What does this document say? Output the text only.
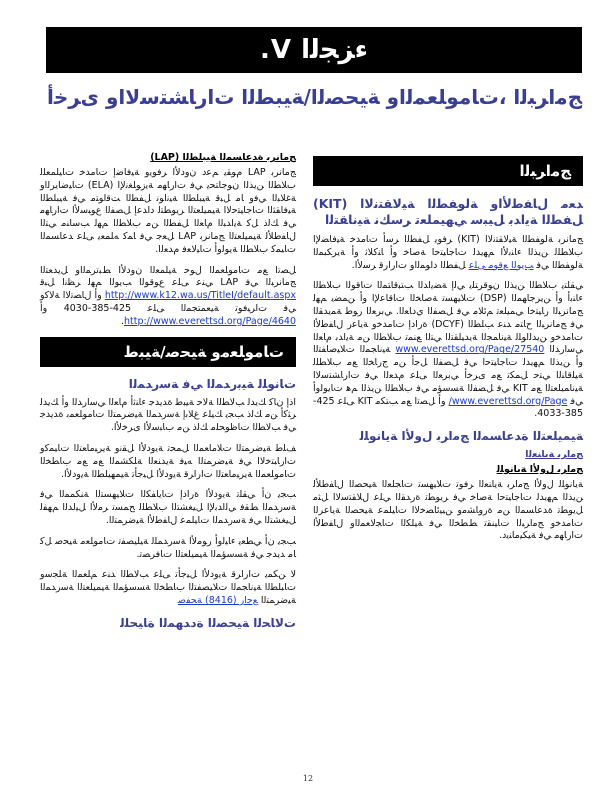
ﺀﺰﺠﻟﺍ V.
ﺞﻣﺍﺮﺒﻟﺍ ،ﺕﺎﻣﻮﻠﻌﻤﻟﺍﻭ ﺔﻴﺤﺼﻟﺍ/ﺔﻴﺒﻄﻟﺍ ﺕﺍﺭﺎﺸﺘﺳﻻﺍﻭ ﻯﺮﺧﺃ
ﺞﻣﺍﺮﺒﻟﺍ
ﺪﻌﻣ ﻝﺎﻔﻃﻷﺍﻭ ﺔﻟﻮﻔﻄﻟﺍ ﺔﻴﻟﺎﻘﺘﻧﻻﺍ (KIT) ﻞﻔﻄﻟﺍ ﺔﻳﺍﺪﺑ ﻞﻴﺒﺳ ﻲﻬﻴﻤﻠﻌﺗ ﺮﺳﻚﻧ ﺔﻴﻧﺎﻘﺘﻟﺍ
ﺞﻣﺎﻧﺮﺑ ﺔﻟﻮﻔﻄﻟﺍ ﺔﻴﻟﺎﻘﺘﻧﻻﺍ (KIT) ﺮﻓﻮﻳ ﻞﻔﻄﻟﺍ ﺮﺳﺃ ﺕﺎﻣﺪﺧ ﺔﻴﻓﺎﻀﻹﺍ ﺏﻼﻄﻠﻟ ﻦﻳﺬﻟﺍ ﺀﺎﻨﺑﻷﺍ ﻢﻬﻳﺪﻟ ﺕﺎﺟﺎﻴﺘﺣﺍ ﺔﺻﺎﺧ ﻭﺃ ﺎﻨﻛﻼﺛ ﻭﺃ ﺔﻳﺮﻜﺒﻤﻟﺍ ﺔﻟﻮﻔﻄﻟﺍ ﻲﻓ ﺐﻳﻮﻟﺍ ﻊﻗﻮﻣ ﻰﻠﻋ ﻞﻔﻄﻟﺍ ﺩﺍﻮﻤﻟﺍﻭ ﺕﺍﺭﺍﺭﻗ ﺮﺳﻷﺍ.
ﻲﻘﻠﺘﻳ ﺏﻼﻄﻟﺍ ﻦﻳﺬﻟﺍ ﻥﻮﻗﺮﺘﻠﻳ ﻲﻟﺇ ﺔﻀﻳﺍﺪﻟﺍ ﺐﺘﺒﻗﺎﺘﻤﻟﺍ ﺕﺎﻗﻮﻟﺍ ﺏﻼﻄﻟﺍ ﺀﺎﻨﺑﺃ ﻭﺃ ﻦﻳﺮﺟﺎﻬﻤﻟﺍ (DSP) ﺕﻼﻴﻬﺴﺗ ﺔﺻﺎﺨﻟﺍ ﺕﺎﻗﺎﻋﻹﺍ ﻭﺃ ﻦﻤﻀﻳ ﻢﻬﻟ ﺞﻣﺎﻧﺮﺒﻟﺍ ﺭﺎﻴﺘﺧﺍ ﻲﻤﻴﻠﻌﺗ ﻢﺋﻼﻣ ﻲﻓ ﻞﺼﻔﻟﺍ ﻱﺩﺎﻌﻟﺍ. ﻲﺑﺮﻌﻟﺍ ﺭﻮﻃ ﺔﻤﻳﺪﻘﻟﺍ ﻲﻓ ﺞﻣﺎﻧﺮﺒﻟﺍ ﺡﺎﺘﻣ ﺪﻨﻋ ﺐﻠﻄﻟﺍ (DCYF) ﺓﺭﺍﺩﺇ ﺕﺎﻣﺪﺧﻭ ﺔﻳﺎﻋﺭ ﻝﺎﻔﻃﻷﺍ ﺕﺎﻣﺪﺧﻭ ﻦﻳﺪﻟﺍﻮﻠﻟ ﺔﻴﻧﺎﻤﺠﻟﺍ ﺔﻳﺪﻴﻠﻘﺘﻟﺍ ﻲﺘﻟﺍ ﻊﻨﻤﺗ ﺏﻼﻄﻟﺍ ﻦﻣ ﺔﻳﺍﺪﺑ ﻡﺎﻌﻟﺍ ﻲﺳﺍﺭﺪﻟﺍ www.everettsd.org/Page/27540 ﺔﻴﻧﺎﺠﻤﻟﺍ ﺕﻼﻴﺻﺎﻔﺘﻟﺍ ﻭﺃ ﻦﻳﺬﻟﺍ ﻢﻬﻳﺪﻟ ﺕﺎﺟﺎﻴﺘﺣﺍ ﻲﻓ ﻞﺼﻔﻟﺍ ﻞﺟﺃ ﻦﻣ ﺝﺭﺎﺨﻟﺍ ﻊﻣ ﺏﻼﻄﻠﻟ ﺔﻴﻠﻗﺎﻨﻟﺍ ﻲﺘﺣ ﻞﻤﻜﺗ ﻊﻣ ﻯﺮﺧﺃ ﻲﺑﺮﻌﻟﺍ ﻰﻠﻋ ﻡﺪﻌﻟﺍ ﻲﻓ ﺕﺍﺭﺎﺸﺘﺳﻻﺍ ﺔﻴﻧﺎﻤﻴﻠﻌﺘﻟﺍ ﻊﻣ KIT ﻲﻓ ﻞﺼﻔﻟﺍ ﺔﺴﺳﺆﻣ ﻲﻓ ﺏﻼﻄﻟﺍ ﻦﻳﺬﻟﺍ ﻢﻫ ﺕﺎﻳﻮﻟﻭﺃ ﻲﻓ www.everettsd.org/Page/ ﻭﺃ ﻞﺼﺗﺍ ﻊﻣ ﺐﺘﻜﻣ KIT ﻰﻠﻋ 425-385-4033.
ﺔﻴﻤﻴﻠﻌﺘﻟﺍ ﺓﺪﻋﺎﺴﻤﻟﺍ ﺞﻣﺍﺮﺑ ﻝﻭﻷﺍ ﺔﻳﺎﻧﻮﻠﻟ
ﺞﻣﺍﺮﺑ ﺔﻳﺎﻨﻌﻟﺍ
ﺞﻣﺍﺮﺑ ﻝﻭﻷﺍ ﺔﻳﺎﻧﻮﻠﻟ
ﺔﻳﺎﻧﻮﻠﻟ ﻝﻭﻷﺍ ﺞﻣﺍﺮﺑ ﺔﻳﺎﻨﻌﻟﺍ ﺮﻓﻮﺗ ﺕﻼﻴﻬﺴﺗ ﺕﺎﺠﻠﻌﻟﺍ ﺔﻴﺤﺼﻟﺍ ﻝﺎﻔﻃﻸﻟ ﻦﻳﺬﻟﺍ ﻢﻬﻳﺪﻟ ﺕﺎﺟﺎﻴﺘﺣﺍ ﺔﺻﺎﺧ ﻲﻓ ﺮﻳﻮﻄﺗ ﺓﺭﺪﻘﻟﺍ ﻲﻠﻋ ﻝﻼﻘﺘﺳﻻﺍ ﻞﺜﻣ ﻞﻳﻮﻄﺗ ﺓﺪﻋﺎﺴﻤﻟﺍ ﻦﻣ ﺓﺭﻭﺎﺸﻣﻭ ﻦﻴﻴﺋﺎﺼﺧﻻﺍ ﺕﺎﻴﻠﻤﻋ ﺔﻴﺤﺼﻟﺍ ﺔﻳﺎﻋﺮﻟﺍ ﺕﺎﻣﺪﺧﻭ ﺞﻣﺍﺮﺒﻟﺍ ﺕﺎﻴﻨﻘﺗ ﻂﻄﺨﻟﺍ ﻲﻓ ﺔﻴﻠﻜﻟﺍ ﺕﺎﺠﻟﺎﻌﻤﻟﺍﻭ ﻝﺎﻔﻃﻷﺍ ﺕﺍﺭﺎﻬﻣ ﻲﻓ ﺔﻴﻜﻴﻣﺎﻨﻳﺩ.
ﺞﻣﺎﻧﺮﺑ ﺓﺪﻋﺎﺴﻤﻟﺍ ﺔﻴﺒﻠﻄﻟﺍ (LAP)
ﺞﻣﺎﻧﺮﺑ LAP ﻡﻮﻘﻳ ﻢﻋﺩ ﻥﻭﺩﻷﺍ ﺮﻓﻮﻳﻭ ﺔﻴﻓﺎﺿﺇ ﺕﺎﻣﺪﺧ ﺕﺎﻴﻠﻤﻌﻠﻟ ﺏﻼﻄﻟﺍ ﻦﻳﺬﻟﺍ ﻥﻮﺟﺎﺘﺤﻳ ﻲﻓ ﺕﺍﺭﺎﻬﻣ ﺔﻳﺯﻮﻠﻐﻧﻹﺍ (ELA) ﺕﺎﻴﺿﺎﻳﺮﻟﺍﻭ ﺔﻏﻼﺒﻟﺍ ﻲﻓﻭ ﺎﻣ ﻞﺒﻗ ﺔﻴﺒﻠﻄﻟﺍ ﺔﻴﻧﺍﻮﻧ ﻞﻔﻄﻟﺍ ﺖﻗﺍﻮﺘﻣ ﻲﻓ ﺔﻴﺒﻠﻄﻟﺍ ﺔﻴﻓﺎﻘﺜﻟﺍ ﺕﺎﺟﺎﻴﺘﺣﻻﺍ ﺔﻴﻤﻴﻠﻌﺘﻟﺍ ﺮﻳﻮﻄﺘﻟ ﺩﺍﺪﻋﺇ ﻞﺼﻔﻟﺍ ﻉﻮﺒﺳﻷﺍ ﺕﺍﺭﺎﻬﻣ ﻲﻓ ﻚﻟﺫ ﻞﻛ ﺔﻳﺍﺪﺒﻟﺍ ﻡﺎﻌﻟﺍ ﻞﻔﻄﻟﺍ ﻦﻣ ﺏﻼﻄﻟﺍ ﻢﻬﻟ ﺐﺳﺎﻨﻣ ﻲﺘﻟﺍ ﻝﺎﻔﻃﻸﻟ ﺔﻴﻤﻴﻠﻌﺘﻟﺍ ﺞﻣﺎﻧﺮﺑ LAP ﻞﻌﺟ ﻲﻓ ﺎﻤﻛ ﻪﻠﻤﻌﻳ ﻰﻠﻋ ﺪﻋﺎﺴﻤﻟﺍ ﺕﺎﻴﻤﻛ ﺏﻼﻄﻟﺍ ﺔﻳﻮﻟﻭﺃ ﺕﺎﻴﻟﺎﻌﻓ ﻡﺪﻌﻟﺍ.
ﻞﺼﺗﺍ ﻊﻣ ﺕﺎﻣﻮﻠﻌﻤﻟﺍ ﻝﻮﺣ ﺔﻴﻠﻤﻌﻟﺍ ﻥﻭﺩﻷﺍ ﻂﺒﺗﺮﻤﻟﺍﻭ ﻞﻳﺪﻌﺘﻟﺍ ﺞﻣﺎﻧﺮﺒﻟﺍ ﻲﻓ LAP ﻲﻨﻋ ﻰﻠﻋ ﻉﻮﻗﻮﻟﺍ ﺐﻳﻮﻟﺍ ﻢﻬﻟ ﺮﻈﻧﺍ ﻞﺒﻗ http://www.k12.wa.us/TitleI/default.aspx ﻭﺃ ﻝﺎﺼﺗﻻﺍ ﺔﻟﺎﻛﻭ ﻲﻓ ﺕﺍﺮﻴﻓﻮﺗ ﺔﻴﻌﻤﺘﺠﻤﻟﺍ ﻰﻠﻋ 425-385-4030 ﻭﺃ http://www.everettsd.org/Page/4640.
ﺕﺎﻣﻮﻠﻌﻣﻭ ﺔﻴﺤﺻ/ﺔﻴﺒﻃ
ﺕﺎﻧﻮﻠﻟ ﺔﻴﺑﺭﺪﻤﻟﺍ ﻲﻓ ﺔﺳﺭﺪﻤﻟﺍ
ﺍﺫﺇ ﻥﺎﻛ ﻚﻳﺪﻟ ﺐﻟﺎﻄﻟﺍ ﺔﻟﺎﺣ ﺔﻴﺒﻃ ﺓﺪﻳﺪﺟ ﺀﺎﻨﺛﺃ ﻡﺎﻌﻟﺍ ﻲﺳﺍﺭﺪﻟﺍ ﻭﺃ ﻚﻳﺪﻟ ﺮﺜﻛﺃ ﻦﻣ ﻚﻟﺫ ﺐﺠﻳ ﻚﻴﻠﻋ ﻍﻼﺑﺇ ﺔﺳﺭﺪﻤﻟﺍ ﺔﻴﺿﺮﻤﺘﻟﺍ ﺕﺎﻣﻮﻠﻌﻤﺑ ﺓﺪﻳﺪﺟ ﻲﻓ ﺐﻟﺎﻄﻟﺍ ﺕﺎﻇﻮﺤﻠﻣ ﻚﻟﺫ ﻦﻣ ﺏﺎﺒﺳﻷﺍ ﻯﺮﺧﻷﺍ.
ﻒﻠﻃ ﺔﻴﺿﺮﻤﺘﻟﺍ ﺕﻼﻣﺎﻌﻤﻟﺍ ﻞﻤﺤﺗ ﺔﻳﻭﺩﻷﺍ ﻞﻘﻧﻭ ﺔﻳﺮﻴﻣﺎﻌﺘﻟﺍ ﺕﺎﻴﻤﻛﻭ ﺕﺍﺭﺎﺒﺘﺧﻻﺍ ﻲﻓ ﺔﻴﺿﺮﻤﺘﻟﺍ ﻪﻴﻓ ﺔﻳﺪﻨﻌﻟﺍ ﺔﻠﻜﺸﻤﻟﺍ ﻊﻣ ﻊﻣ ﺏﺎﻄﺨﻟﺍ ﺕﺎﻣﻮﻠﻌﻤﻟﺍ ﺔﻳﺮﻴﻣﺎﻌﺘﻟﺍ ﺕﺍﺭﺍﺮﻗ ﺔﻳﻭﺩﻷﺍ ﻞﻴﺟﺄﺗ ﺔﻴﻤﻬﻴﻠﻄﻟﺍ ﺔﻳﻭﺩﻷﺍ.
ﺐﺠﻳ ﻥﺃ ﻲﻘﻠﺗ ﺔﻳﻭﺩﻷﺍ ﺓﺭﺍﺩﺇ ﺕﺎﻳﺎﻔﻜﻟﺍ ﺕﻼﻴﻬﺴﺘﻟﺍ ﺔﻨﻜﻤﻤﻟﺍ ﻲﻓ ﺔﺳﺭﺪﻤﻟﺍ ﻂﻘﻓ ﻲﻟﺍﺪﺑﻹﺍ ﻞﻴﻐﺸﺘﻟﺍ ﺏﻼﻄﻠﻟ ﺢﻤﺴﺗ ﺮﻣﻷﺍ ﻞﻴﻟﺪﻟﺍ ﻢﻬﻔﻟ ﻞﻴﻐﺸﺘﻟﺍ ﻲﻓ ﺔﺳﺭﺪﻤﻟﺍ ﺕﺎﻴﻠﻤﻋ ﻝﺎﻔﻃﻷﺍ ﺔﻴﺿﺮﻤﺘﻟﺍ.
ﺐﺠﻳ ﻥﺃ ﻲﻄﻌﻳ ﺀﺎﻴﻟﻭﺃ ﺭﻮﻣﻷﺍ ﺔﺳﺭﺪﻤﻠﻟ ﺔﻴﻠﻴﺼﻔﺗ ﺕﺎﻣﻮﻠﻌﻣ ﺔﻴﺤﺻ ﻞﻛ ﺎﻣ ﺪﻳﺪﺟ ﻲﻓ ﺔﺴﺳﺆﻤﻟﺍ ﺔﻴﻤﻴﻠﻌﺘﻟﺍ ﺕﺎﻓﺮﺼﺗ.
ﻻ ﻦﻜﻤﻳ ﺕﺍﺭﺍﺮﻗ ﺔﻳﻭﺩﻷﺍ ﻞﻴﺟﺄﺗ ﻰﻠﻋ ﺐﻟﺎﻄﻟﺍ ﺪﻨﻋ ﻢﻠﻌﻤﻟﺍ ﺔﻠﺠﺳﻭ ﺕﺎﺒﻠﻄﻟﺍ ﺔﻴﻧﺎﺠﻤﻟﺍ ﺕﻼﻴﺼﻔﺘﻟﺍ ﺏﺎﻄﺨﻟﺍ ﺔﺴﺳﺆﻤﻟﺍ ﺔﻴﻤﻴﻠﻌﺘﻟﺍ ﺔﺳﺭﺪﻤﻟﺍ ﺔﻴﺿﺮﻤﺘﻟﺍ ﻊﺟﺍﺭ (8416) ﺔﺤﻔﺻ
ﺕﻻﺎﺤﻟﺍ ﺔﻴﺤﺼﻟﺍ ﺓﺩﺪﻬﻤﻟﺍ ﺓﺎﻴﺤﻠﻟ
12
